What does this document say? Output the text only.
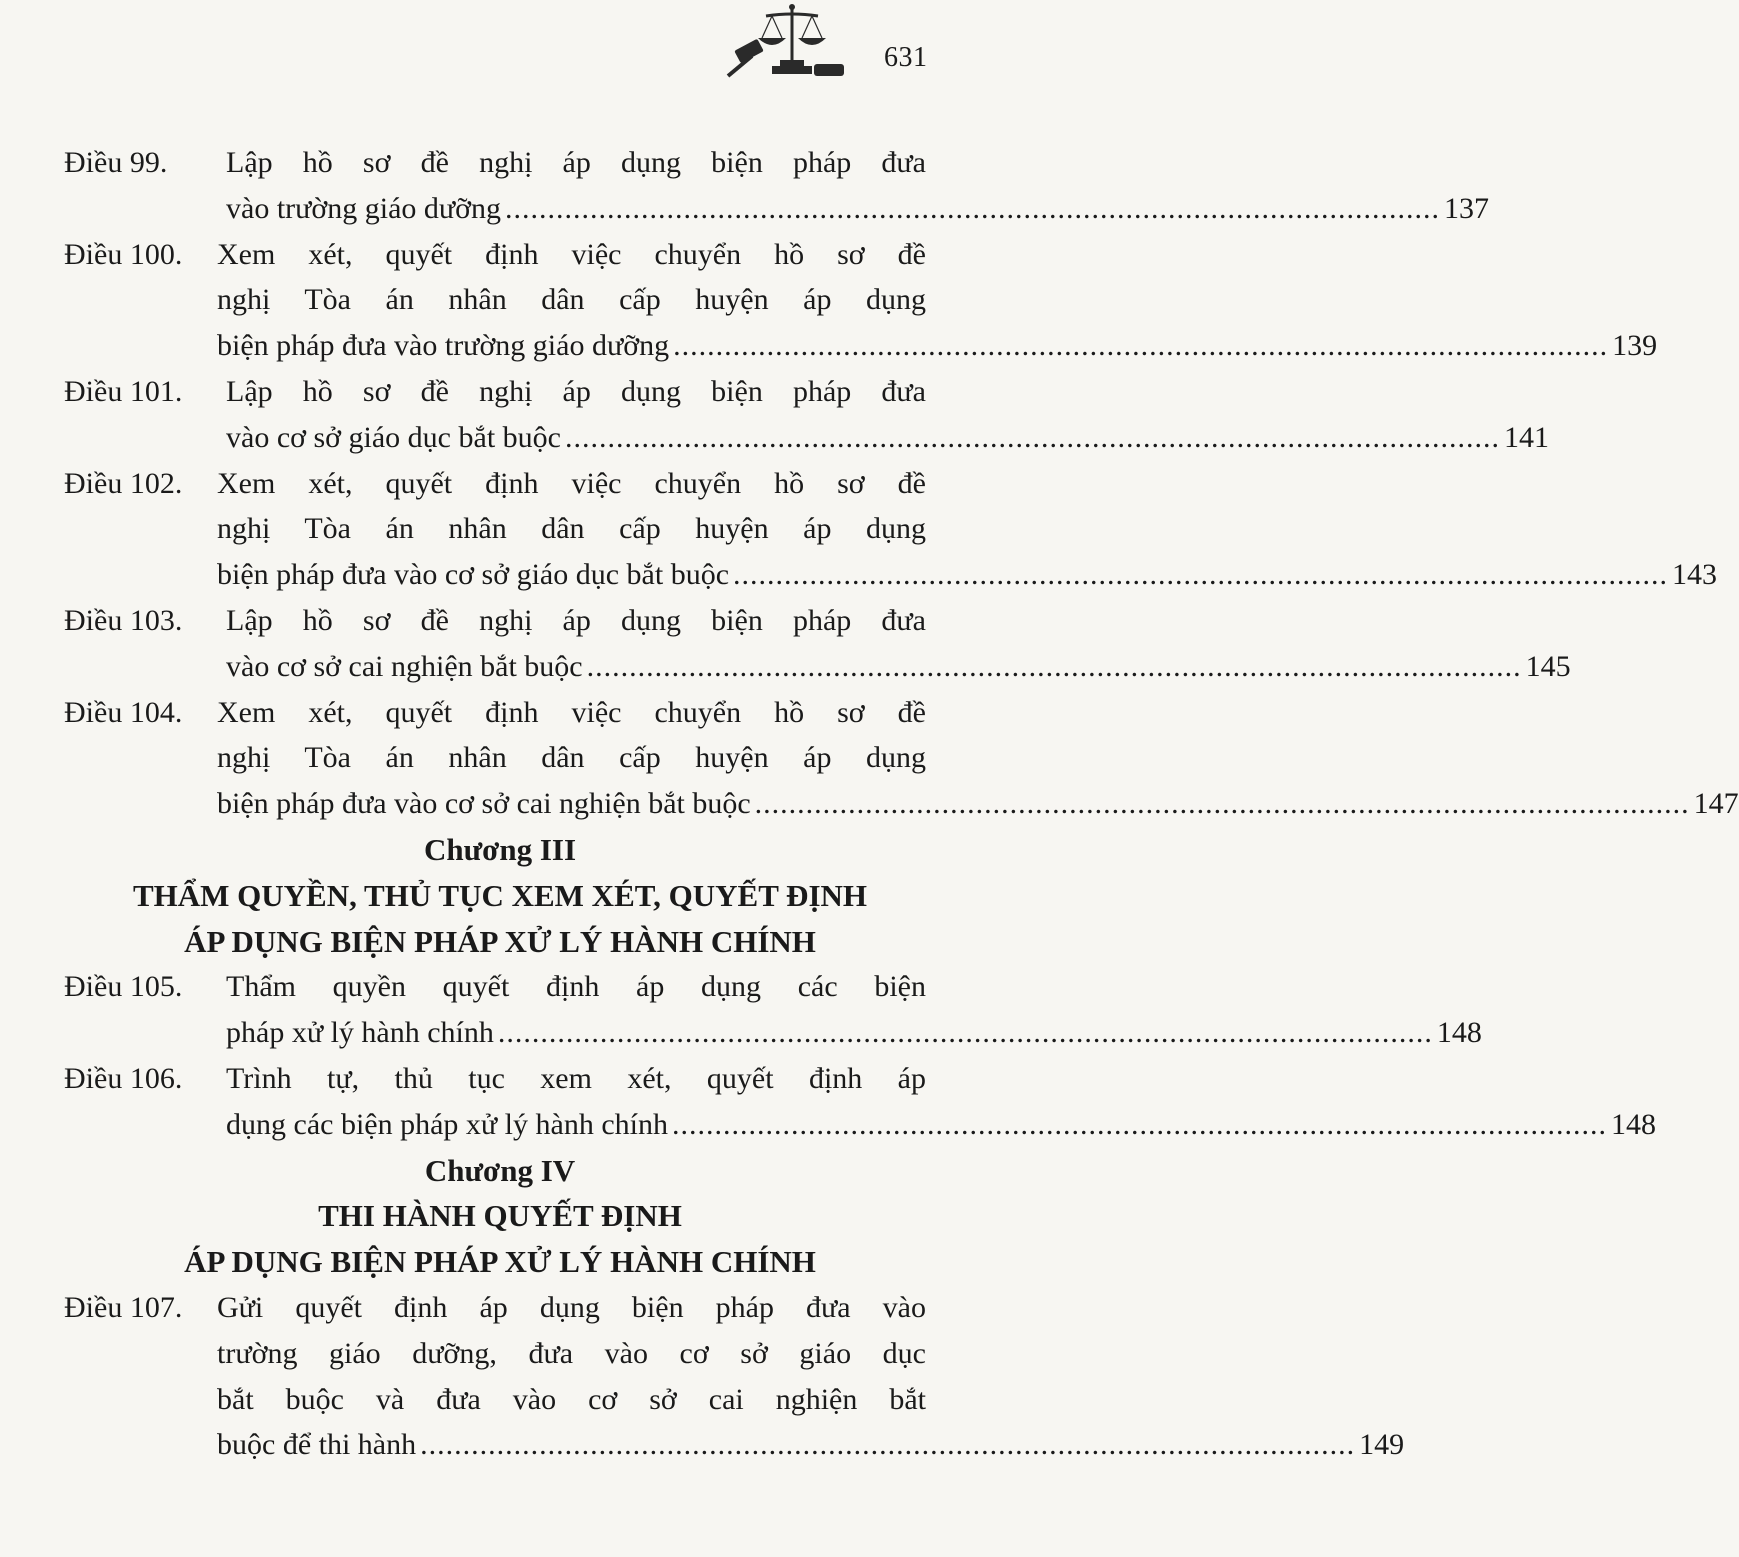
631
Điều 99. Lập hồ sơ đề nghị áp dụng biện pháp đưa
vào trường giáo dưỡng .............................................................................................................. 137
Điều 100. Xem xét, quyết định việc chuyển hồ sơ đề
nghị Tòa án nhân dân cấp huyện áp dụng
biện pháp đưa vào trường giáo dưỡng .............................................................................................................. 139
Điều 101. Lập hồ sơ đề nghị áp dụng biện pháp đưa
vào cơ sở giáo dục bắt buộc .............................................................................................................. 141
Điều 102. Xem xét, quyết định việc chuyển hồ sơ đề
nghị Tòa án nhân dân cấp huyện áp dụng
biện pháp đưa vào cơ sở giáo dục bắt buộc .............................................................................................................. 143
Điều 103. Lập hồ sơ đề nghị áp dụng biện pháp đưa
vào cơ sở cai nghiện bắt buộc .............................................................................................................. 145
Điều 104. Xem xét, quyết định việc chuyển hồ sơ đề
nghị Tòa án nhân dân cấp huyện áp dụng
biện pháp đưa vào cơ sở cai nghiện bắt buộc .............................................................................................................. 147
Chương III
THẨM QUYỀN, THỦ TỤC XEM XÉT, QUYẾT ĐỊNH
ÁP DỤNG BIỆN PHÁP XỬ LÝ HÀNH CHÍNH
Điều 105. Thẩm quyền quyết định áp dụng các biện
pháp xử lý hành chính .............................................................................................................. 148
Điều 106. Trình tự, thủ tục xem xét, quyết định áp
dụng các biện pháp xử lý hành chính .............................................................................................................. 148
Chương IV
THI HÀNH QUYẾT ĐỊNH
ÁP DỤNG BIỆN PHÁP XỬ LÝ HÀNH CHÍNH
Điều 107. Gửi quyết định áp dụng biện pháp đưa vào
trường giáo dưỡng, đưa vào cơ sở giáo dục
bắt buộc và đưa vào cơ sở cai nghiện bắt
buộc để thi hành .............................................................................................................. 149
